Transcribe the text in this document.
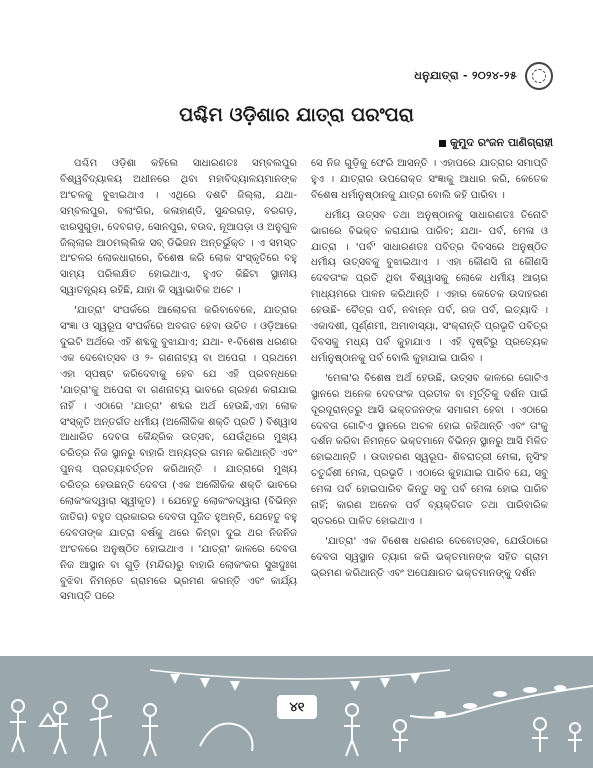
ଧନୁଯାତ୍ରା - ୨୦୨୪-୨୫
ପଶ୍ଚିମ ଓଡ଼ିଶାର ଯାତ୍ରା ପରଂପରା
କୁମୁଦ ରଂଜନ ପାଣିଗ୍ରାହୀ

ପଶ୍ଚିମ ଓଡ଼ିଶା କହିଲେ ସାଧାରଣତଃ ସମ୍ବଲପୁର ବିଶ୍ୱବିଦ୍ୟାଳୟ ଅଧୀନରେ ଥିବା ମହାବିଦ୍ୟାଳୟମାନଙ୍କ ଅଂଚଳକୁ ବୁଝାଇଥାଏ । ଏଥିରେ ଦଶଟି ଜିଲ୍ଲା, ଯଥା- ସମ୍ବଲପୁର, ବଲାଂଗିର, କଳାହାଣ୍ଡି, ସୁନ୍ଦରଗଡ଼, ବରଗଡ଼, ଝାରସୁଗୁଡ଼ା, ଦେବଗଡ଼, ସୋନପୁର, ବଉଦ, ନୂଆପଡ଼ା ଓ ଅନୁଗୁଳ ଜିଲ୍ଲାର ଆଠମଲ୍ଲିକ ସବ୍ ଡିଭିଜନ ଅନ୍ତର୍ଭୁକ୍ତ । ଏ ସମସ୍ତ ଅଂଚଳର ଲୋକଧାରାରେ, ବିଶେଷ କରି ଲୋକ ସଂସ୍କୃତିରେ ବହୁ ସାମ୍ୟ ପରିଲକ୍ଷିତ ହୋଇଥାଏ, ହୁଏତ କିଛିଟା ସ୍ଥାନୀୟ ସ୍ୱାତନ୍ତ୍ର୍ୟ ରହିଛି, ଯାହା କି ସ୍ୱାଭାବିକ ଅଟେ ।

'ଯାତ୍ରା' ସଂପର୍କରେ ଆଲୋଚନା କରିବାବେଳେ, ଯାତ୍ରାର ସଂଜ୍ଞା ଓ ସ୍ୱରୂପ ସଂପର୍କରେ ଅବଗତ ହେବା ଉଚିତ । ଓଡ଼ିଆରେ ଦୁଇଟି ଅର୍ଥରେ ଏହି ଶବ୍ଦକୁ ବୁଝାଯାଏ; ଯଥା- ୧-ବିଶେଷ ଧରଣର ଏକ ଦେବୋତ୍ସବ ଓ ୨- ଗଣନାଟ୍ୟ ବା ଅପେରା । ପ୍ରଥମେ ଏହା ସ୍ପଷ୍ଟ କରିଦେବାକୁ ହେବ ଯେ ଏହି ପ୍ରବନ୍ଧରେ 'ଯାତ୍ରା'କୁ ଅପେରା ବା ଗଣନାଟ୍ୟ ଭାବରେ ଗ୍ରହଣ କରାଯାଇ ନାହିଁ । ଏଠାରେ 'ଯାତ୍ରା' ଶବ୍ଦର ଅର୍ଥ ହେଉଛି,ଏହା ଲୋକ ସଂସ୍କୃତି ଅନ୍ତର୍ଗତ ଧର୍ମୀୟ (ଅଲୌକିକ ଶକ୍ତି ପ୍ରତି ) ବିଶ୍ୱାସ ଆଧାରିତ ଦେବତା କୈନ୍ଦ୍ରିକ ଉତ୍ସବ, ଯେଉଁଥିରେ ମୁଖ୍ୟ ଚରିତ୍ର ନିଜ ସ୍ଥାନରୁ ବାହାରି ଅନ୍ୟତ୍ର ଗମନ କରିଥାନ୍ତି ଏବଂ ପୁନଶ୍ଚ ପ୍ରତ୍ୟାବର୍ତ୍ତନ କରିଥାନ୍ତି । ଯାତ୍ରାରେ ମୁଖ୍ୟ ଚରିତ୍ର ହେଉଛନ୍ତି ଦେବତା (ଏକ ଅଲୌକିକ ଶକ୍ତି ଭାବରେ ଲୋକଂକଦ୍ୱାରା ସ୍ୱୀକୃତ) । ଯେହେତୁ ଲୋକଂକଦ୍ୱାରା (ବିଭିନ୍ନ ଜାତିର) ବହୁତ ପ୍ରକାରର ଦେବତା ପୂଜିତ ହୁଅନ୍ତି, ଯେହେତୁ ବହୁ ଦେବତାଙ୍କ ଯାତ୍ରା ବର୍ଷକୁ ଥରେ କିମ୍ବା ଦୁଇ ଥର ନିଜନିଜ ଅଂଚଳରେ ଅନୁଷ୍ଠିତ ହୋଇଥାଏ । 'ଯାତ୍ରା' କାଳରେ ଦେବତା ନିଜ ଆସ୍ଥାନ ବା ଗୁଡ଼ି (ମନ୍ଦିର)ରୁ ବାହାରି ଲୋକଂକର ସୁଖଦୁଃଖ ବୁଝିବା ନିମନ୍ତେ ଗ୍ରାମରେ ଭ୍ରମଣ କରନ୍ତି ଏବଂ କାର୍ଯ୍ୟ ସମାପ୍ତି ପରେ

ସେ ନିଜ ଗୁଡ଼ିକୁ ଫେରି ଆସନ୍ତି । ଏହାପରେ ଯାତ୍ରାର ସମାପ୍ତି ହୁଏ । ଯାତ୍ରାର ଉପରୋକ୍ତ ସଂଜ୍ଞାକୁ ଆଧାର କରି, କେତେକ ବିଶେଷ ଧର୍ମାନୁଷ୍ଠାନକୁ ଯାତ୍ରା ବୋଲି କହି ପାରିବା ।

ଧର୍ମୀୟ ଉତ୍ସବ ତଥା ଅନୁଷ୍ଠାନକୁ ସାଧାରଣତଃ ତିନୋଟି ଭାଗରେ ବିଭକ୍ତ କରାଯାଇ ପାରିବ; ଯଥା- ପର୍ବ, ମେଳା ଓ ଯାତ୍ରା । 'ପର୍ବ' ସାଧାରଣତଃ ପବିତ୍ର ଦିବସରେ ଅନୁଷ୍ଠିତ ଧର୍ମୀୟ ଉତ୍ସବକୁ ବୁଝାଇଥାଏ । ଏହା କୌଣସି ନା କୌଣସି ଦେବତାଂକ ପ୍ରତି ଥିବା ବିଶ୍ୱାସକୁ ଲୋକେ ଧର୍ମୀୟ ଆଚାର ମାଧ୍ୟମରେ ପାଳନ କରିଥାନ୍ତି । ଏହାର କେତେକ ଉଦାହରଣ ହେଉଛି- ଚୈତ୍ର ପର୍ବ, ନବାନ୍ନ ପର୍ବ, ରଜ ପର୍ବ, ଇତ୍ୟାଦି । ଏକାଦଶୀ, ପୂର୍ଣ୍ଣମୀ, ଅମାବାସ୍ୟା, ସଂକ୍ରାନ୍ତି ପ୍ରଭୃତି ପବିତ୍ର ଦିବସକୁ ମଧ୍ୟ ପର୍ବ କୁହାଯାଏ । ଏହି ଦୃଷ୍ଟିରୁ ପ୍ରତ୍ୟେକ ଧର୍ମାନୁଷ୍ଠାନକୁ ପର୍ବ ବୋଲି କୁହାଯାଇ ପାରିବ ।

'ମେଳା'ର ବିଶେଷ ଅର୍ଥ ହେଉଛି, ଉତ୍ସବ କାଳରେ ଗୋଟିଏ ସ୍ଥାନରେ ଅନେକ ଦେବତାଂକ ପ୍ରତୀକ ବା ମୂର୍ତ୍ତିକୁ ଦର୍ଶନ ପାଇଁ ଦୂରଦୂରାନ୍ତରୁ ଆସି ଭକ୍ତଜନଙ୍କ ସମାଗମ ହେବା । ଏଠାରେ ଦେବତା ଗୋଟିଏ ସ୍ଥାନରେ ଅଚଳ ହୋଇ ରହିଥାନ୍ତି ଏବଂ ତାଂକୁ ଦର୍ଶନ କରିବା ନିମନ୍ତେ ଭକ୍ତମାନେ ବିଭିନ୍ନ ସ୍ଥାନରୁ ଆସି ମିଳିତ ହୋଇଥାନ୍ତି । ଉଦାହରଣ ସ୍ୱରୂପ- ଶିବରାତ୍ରୀ ମେଳା, ନୃସିଂହ ଚତୁର୍ଦ୍ଦଶୀ ମେଳା, ପ୍ରଭୃତି । ଏଠାରେ କୁହାଯାଇ ପାରିବ ଯେ, ସବୁ ମେଳା ପର୍ବ ହୋଇପାରିବ କିନ୍ତୁ ସବୁ ପର୍ବ ମେଳା ହୋଇ ପାରିବ ନାହିଁ; କାରଣ ଅନେକ ପର୍ବ ବ୍ୟକ୍ତିଗତ ତଥା ପାରିବାରିକ ସ୍ତରରେ ପାଳିତ ହୋଇଥାଏ ।

'ଯାତ୍ରା' ଏକ ବିଶେଷ ଧରଣର ଦେବୋତ୍ସବ, ଯେଉଁଠାରେ ଦେବତା ସ୍ୱସ୍ଥାନ ତ୍ୟାଗ କରି ଭକ୍ତମାନଙ୍କ ସହିତ ଗ୍ରାମ ଭ୍ରମଣ କରିଥାନ୍ତି ଏବଂ ଅପେକ୍ଷାରତ ଭକ୍ତମାନଙ୍କୁ ଦର୍ଶନ

୪୧
